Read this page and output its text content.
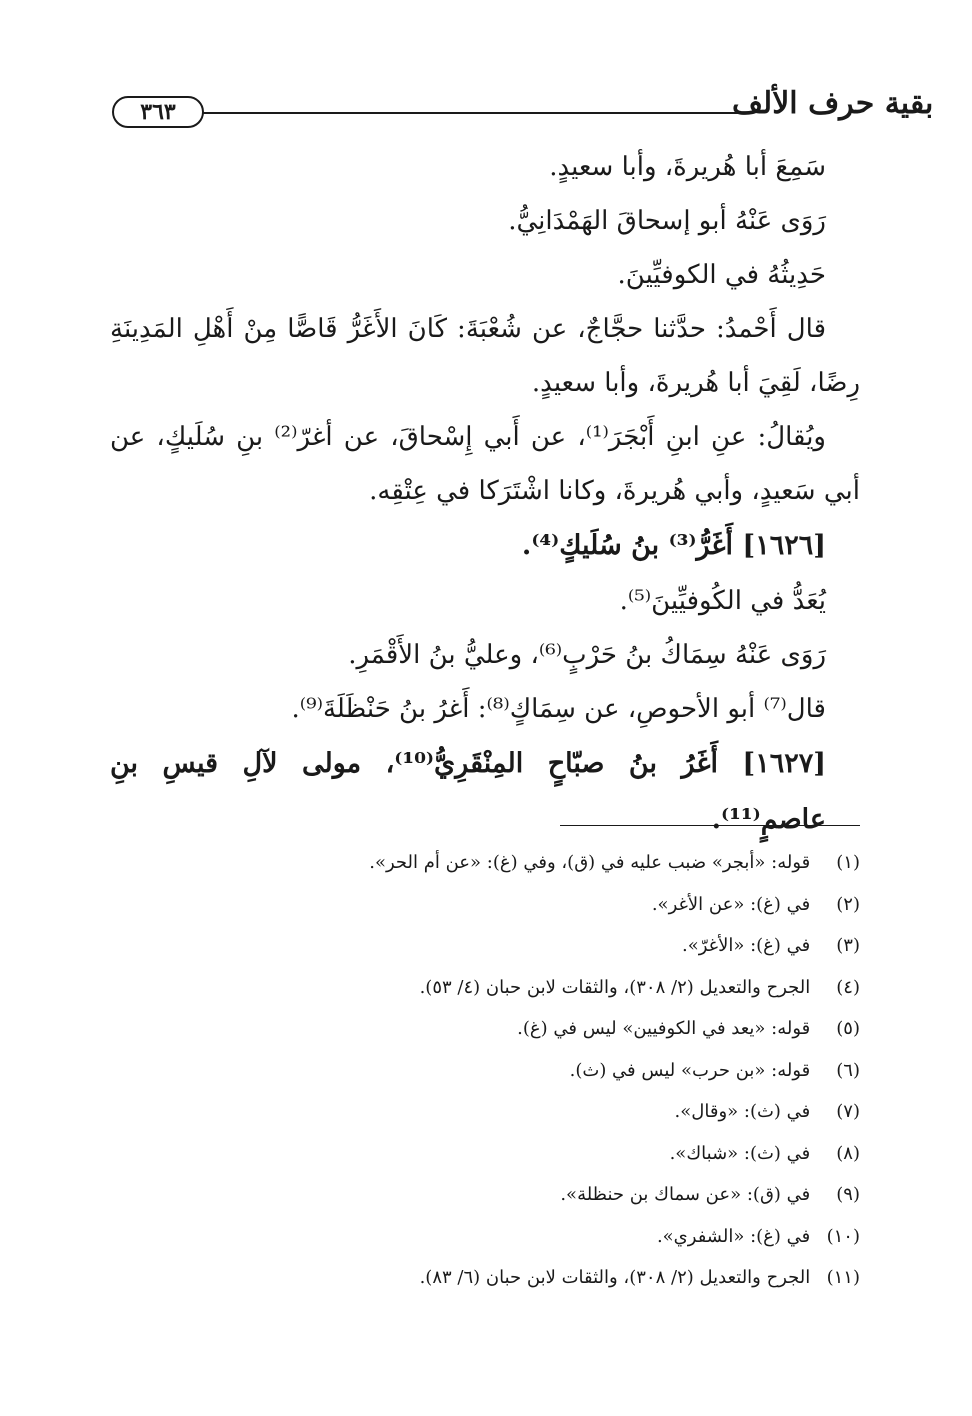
٣٦٣	بقية حرف الألف

سَمِعَ أبا هُريرةَ، وأبا سعيدٍ.

رَوَى عَنْهُ أبو إسحاقَ الهَمْدَانِيُّ.

حَدِيثُهُ في الكوفيِّينَ.

قال أَحْمدُ: حدَّثنا حجَّاجٌ، عن شُعْبَةَ: كَانَ الأَغَرُّ قَاصًّا مِنْ أَهْلِ المَدِينَةِ رِضًا، لَقِيَ أبا هُريرةَ، وأبا سعيدٍ.

ويُقالُ: عنِ ابنِ أَبْجَرَ⁽¹⁾، عن أَبي إِسْحاقَ، عن أغرّ⁽²⁾ بنِ سُلَيكٍ، عن أبي سَعيدٍ، وأبي هُريرةَ، وكانا اشْتَرَكا في عِتْقِه.

[١٦٢٦] أَغَرُّ⁽³⁾ بنُ سُلَيكٍ⁽⁴⁾.

يُعَدُّ في الكُوفيِّينَ⁽⁵⁾.

رَوَى عَنْهُ سِمَاكُ بنُ حَرْبٍ⁽⁶⁾، وعليُّ بنُ الأَقْمَرِ.

قال⁽⁷⁾ أبو الأحوصِ، عن سِمَاكٍ⁽⁸⁾: أَغرُ بنُ حَنْظَلَةَ⁽⁹⁾.

[١٦٢٧] أَغَرُ بنُ صبّاحٍ المِنْقَرِيُّ⁽¹⁰⁾، مولى لآلِ قيسِ بنِ عاصمٍ⁽¹¹⁾.

(١) قوله: «أبجر» ضبب عليه في (ق)، وفي (غ): «عن أم الحر».
(٢) في (غ): «عن الأغر».
(٣) في (غ): «الأغرّ».
(٤) الجرح والتعديل (٢/ ٣٠٨)، والثقات لابن حبان (٤/ ٥٣).
(٥) قوله: «يعد في الكوفيين» ليس في (غ).
(٦) قوله: «بن حرب» ليس في (ث).
(٧) في (ث): «وقال».
(٨) في (ث): «شباك».
(٩) في (ق): «عن سماك بن حنظلة».
(١٠) في (غ): «الشفري».
(١١) الجرح والتعديل (٢/ ٣٠٨)، والثقات لابن حبان (٦/ ٨٣).
